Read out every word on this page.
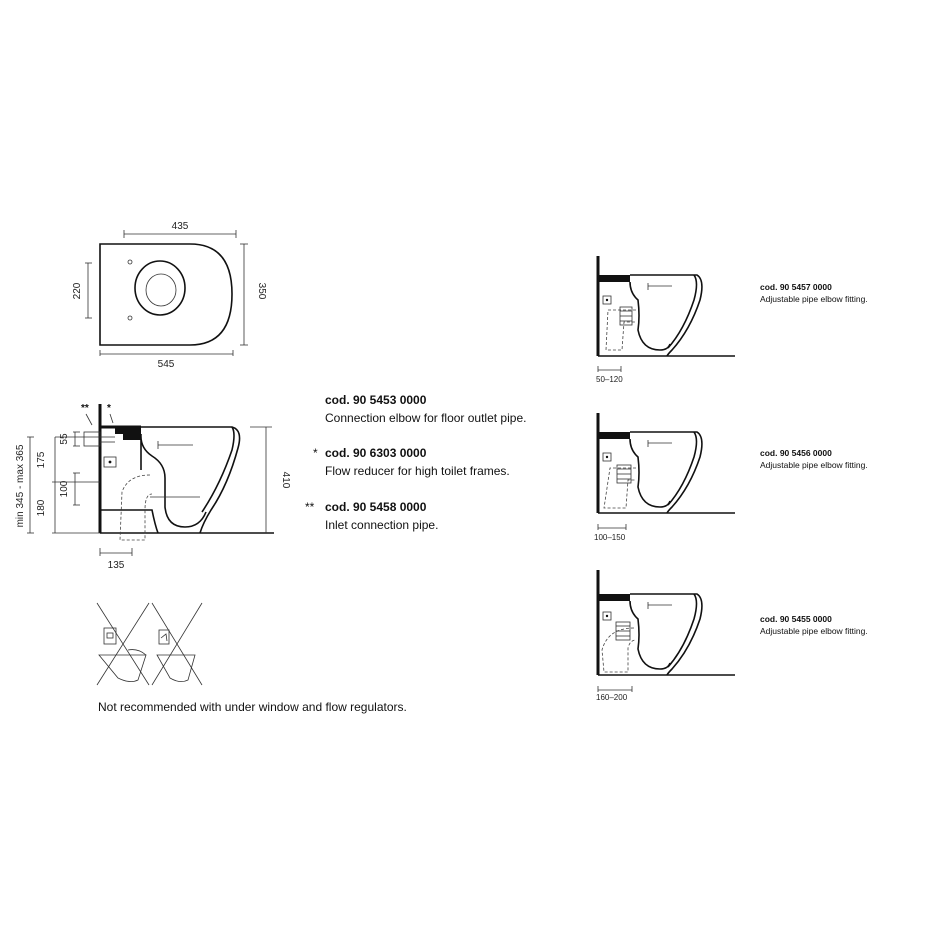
435
545
220	350
** *
410
55
175
100
180
min 345 - max 365
135
cod. 90 5453 0000
Connection elbow for floor outlet pipe.
* cod. 90 6303 0000
Flow reducer for high toilet frames.
** cod. 90 5458 0000
Inlet connection pipe.
Not recommended with under window and flow regulators.
50–120
cod. 90 5457 0000
Adjustable pipe elbow fitting.
100–150
cod. 90 5456 0000
Adjustable pipe elbow fitting.
160–200
cod. 90 5455 0000
Adjustable pipe elbow fitting.
